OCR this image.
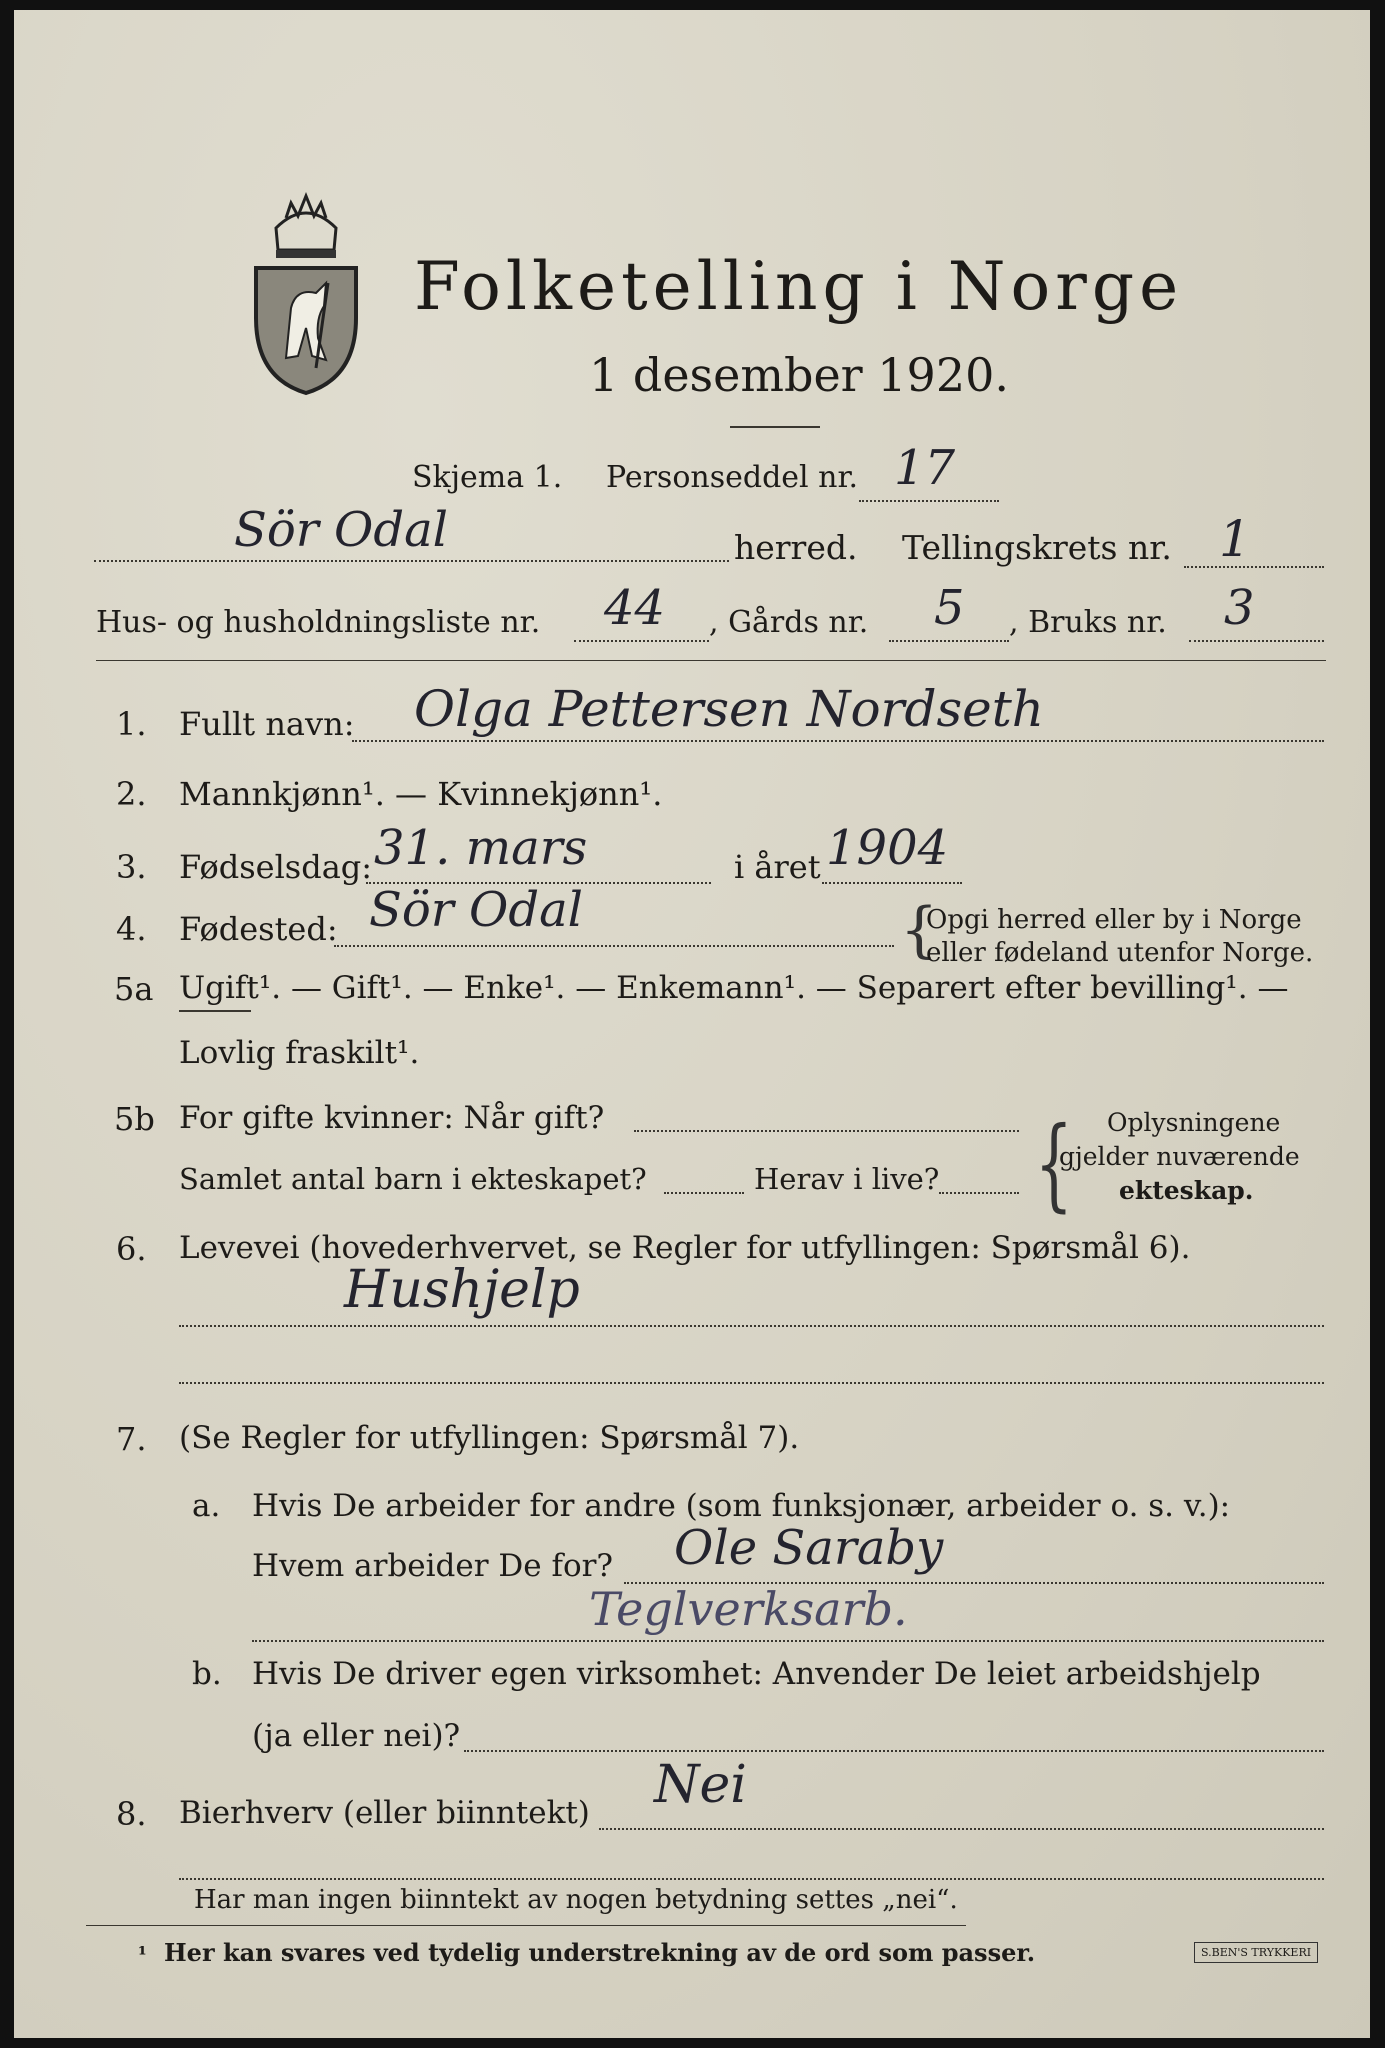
Folketelling i Norge
1 desember 1920.
Skjema 1. Personseddel nr. 17
Sör Odal	herred. Tellingskrets nr. 1
Hus- og husholdningsliste nr. 44 , Gårds nr. 5 , Bruks nr. 3
1. Fullt navn: Olga Pettersen Nordseth
2. Mannkjønn¹. — Kvinnekjønn¹.
3. Fødselsdag: 31. mars	i året 1904
4. Fødested: Sör Odal	{
Opgi herred eller by i Norge
eller fødeland utenfor Norge.
5a Ugift¹. — Gift¹. — Enke¹. — Enkemann¹. — Separert efter bevilling¹. —
Lovlig fraskilt¹.
5b For gifte kvinner: Når gift?
Samlet antal barn i ekteskapet?	Herav i live? { Oplysningene
gjelder nuværende
ekteskap.
6. Levevei (hovederhvervet, se Regler for utfyllingen: Spørsmål 6).
Hushjelp
7. (Se Regler for utfyllingen: Spørsmål 7).
a. Hvis De arbeider for andre (som funksjonær, arbeider o. s. v.):
Hvem arbeider De for? Ole Saraby
Teglverksarb.
b. Hvis De driver egen virksomhet: Anvender De leiet arbeidshjelp
(ja eller nei)?
8. Bierhverv (eller biinntekt) Nei
Har man ingen biinntekt av nogen betydning settes „nei“.
¹ Her kan svares ved tydelig understrekning av de ord som passer.	S.BEN'S TRYKKERI
